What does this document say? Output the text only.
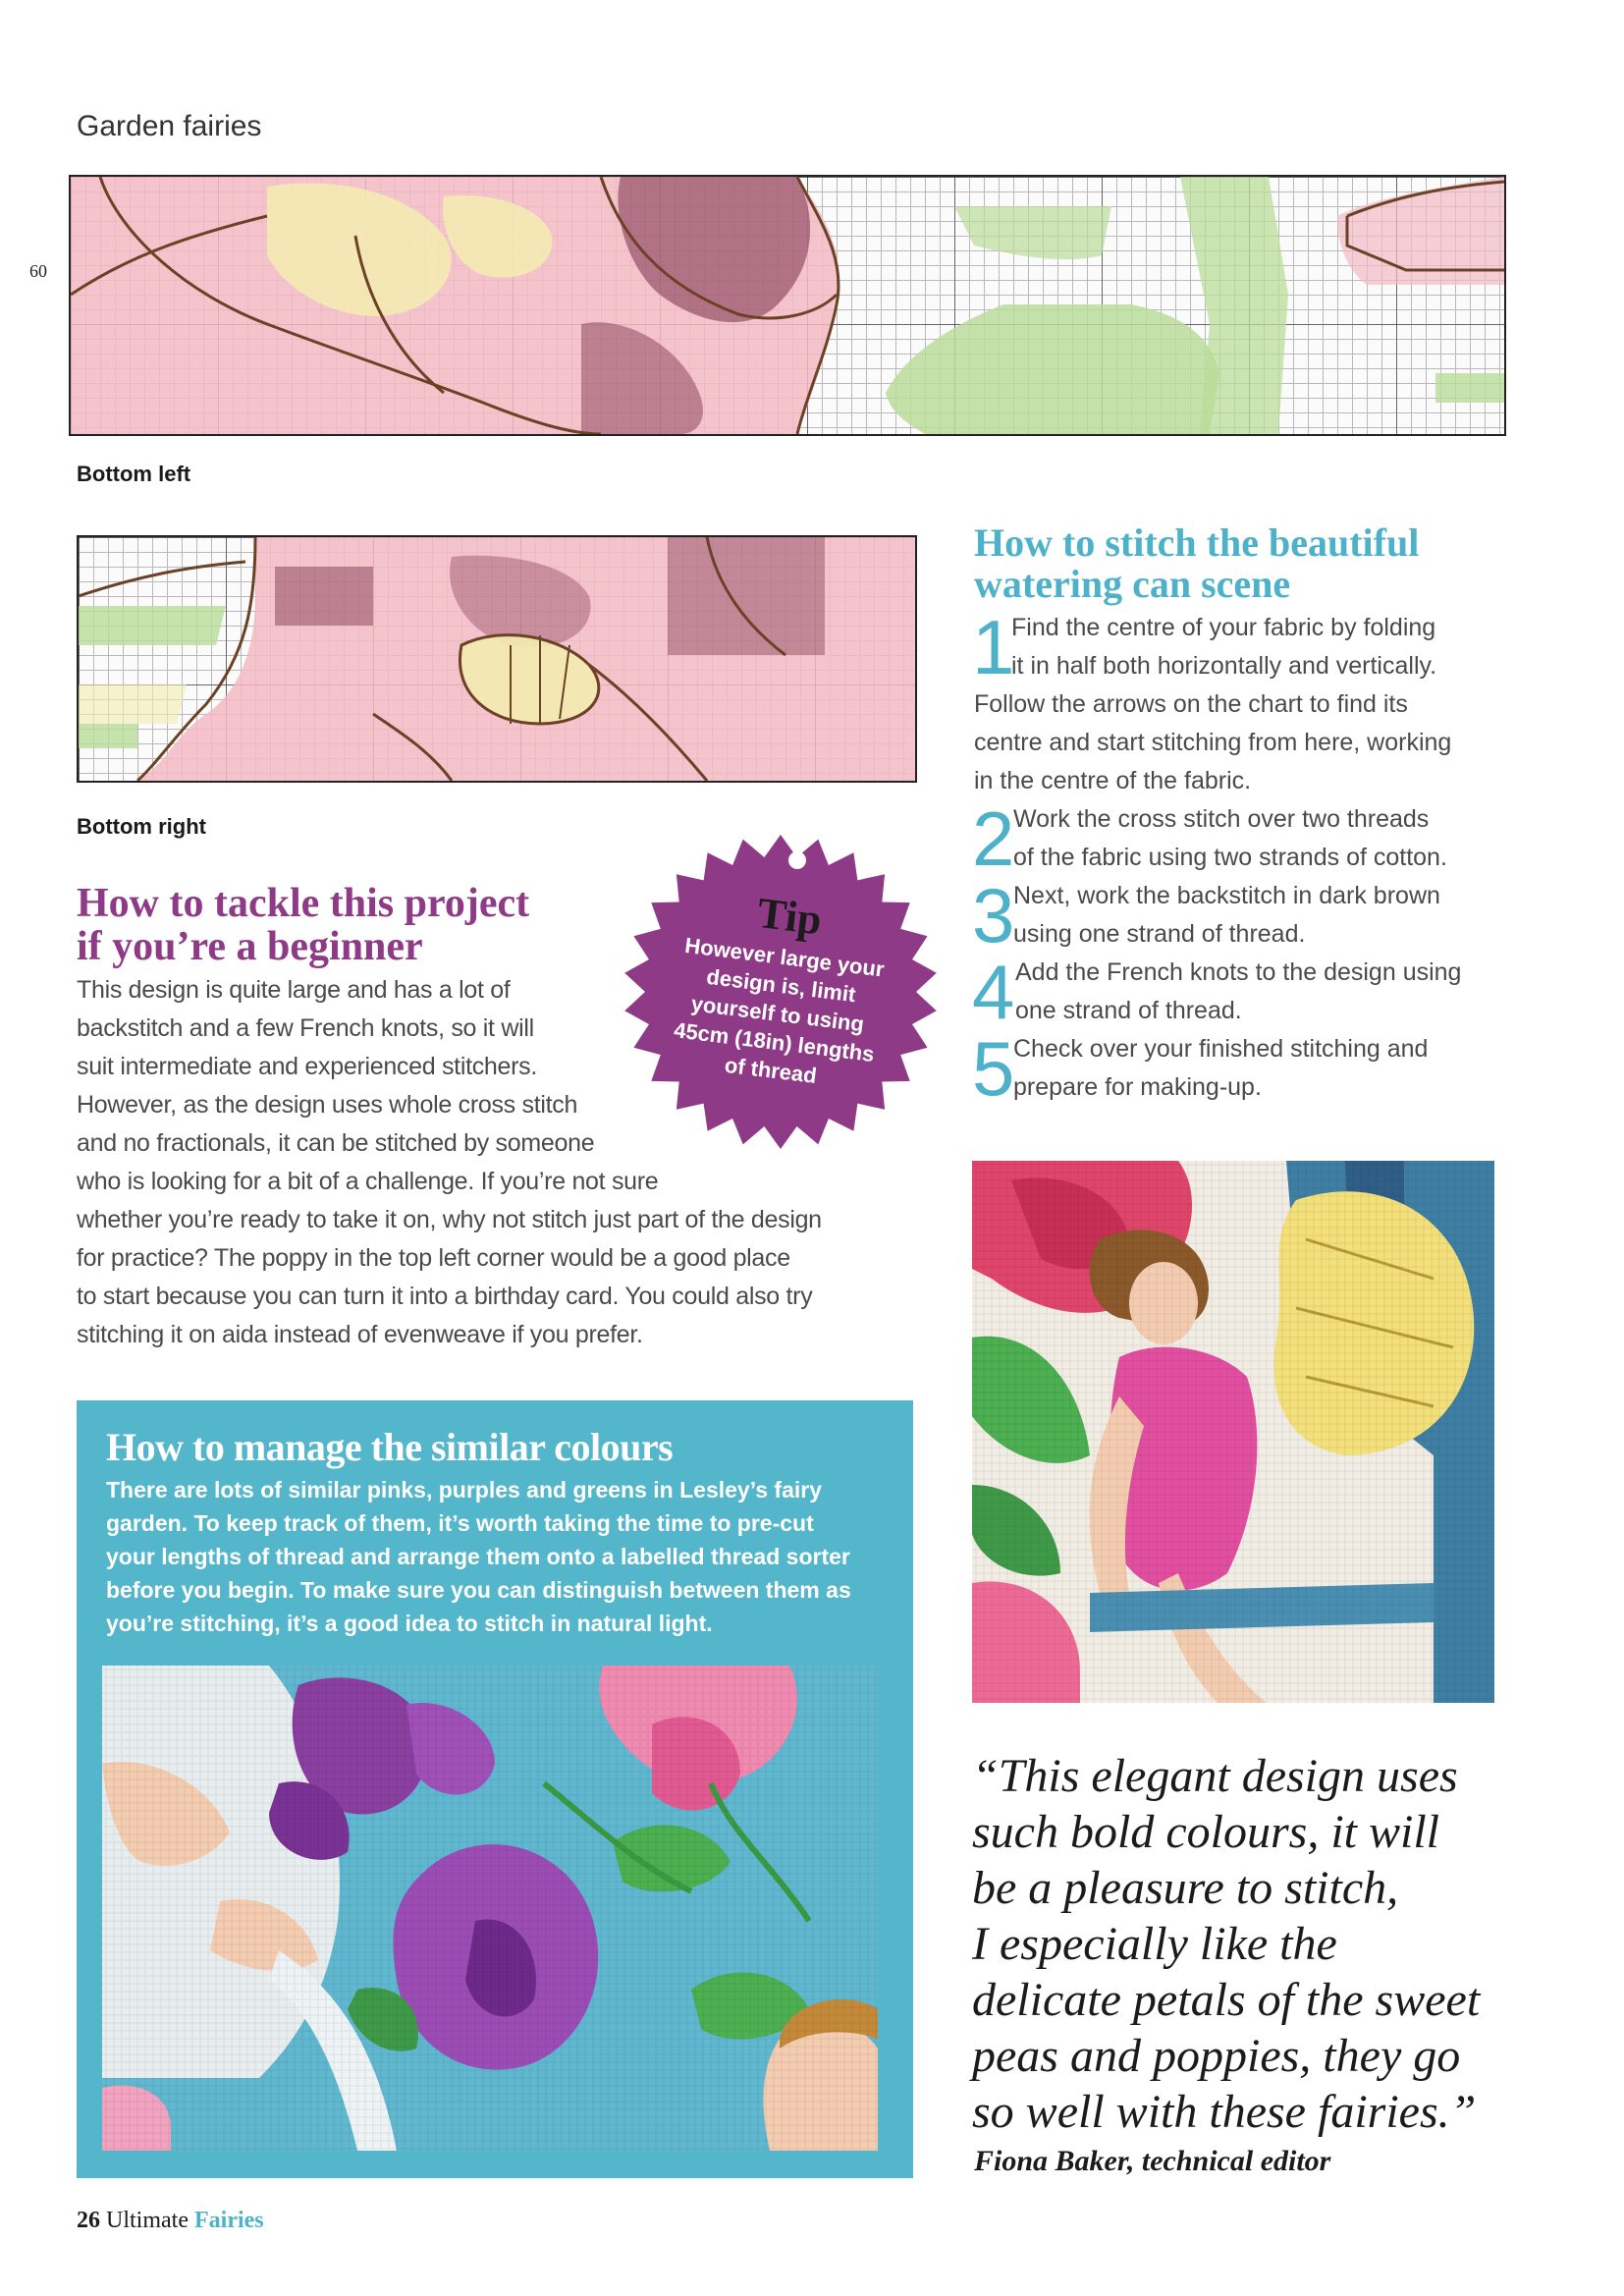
Garden fairies
60
Bottom left
Bottom right
How to tackle this project
if you’re a beginner
This design is quite large and has a lot of
backstitch and a few French knots, so it will
suit intermediate and experienced stitchers.
However, as the design uses whole cross stitch
and no fractionals, it can be stitched by someone
who is looking for a bit of a challenge. If you’re not sure
whether you’re ready to take it on, why not stitch just part of the design
for practice? The poppy in the top left corner would be a good place
to start because you can turn it into a birthday card. You could also try
stitching it on aida instead of evenweave if you prefer.
Tip
However large your design is, limit yourself to using 45cm (18in) lengths of thread
How to stitch the beautiful
watering can scene
1
Find the centre of your fabric by folding
it in half both horizontally and vertically.
Follow the arrows on the chart to find its
centre and start stitching from here, working
in the centre of the fabric.
2
Work the cross stitch over two threads
of the fabric using two strands of cotton.
3
Next, work the backstitch in dark brown
using one strand of thread.
4 Add the French knots to the design using
one strand of thread.
5
Check over your finished stitching and
prepare for making-up.
How to manage the similar colours
There are lots of similar pinks, purples and greens in Lesley’s fairy
garden. To keep track of them, it’s worth taking the time to pre-cut
your lengths of thread and arrange them onto a labelled thread sorter
before you begin. To make sure you can distinguish between them as
you’re stitching, it’s a good idea to stitch in natural light.
“This elegant design uses
such bold colours, it will
be a pleasure to stitch,
I especially like the
delicate petals of the sweet
peas and poppies, they go
so well with these fairies.”
Fiona Baker, technical editor
26 Ultimate Fairies
